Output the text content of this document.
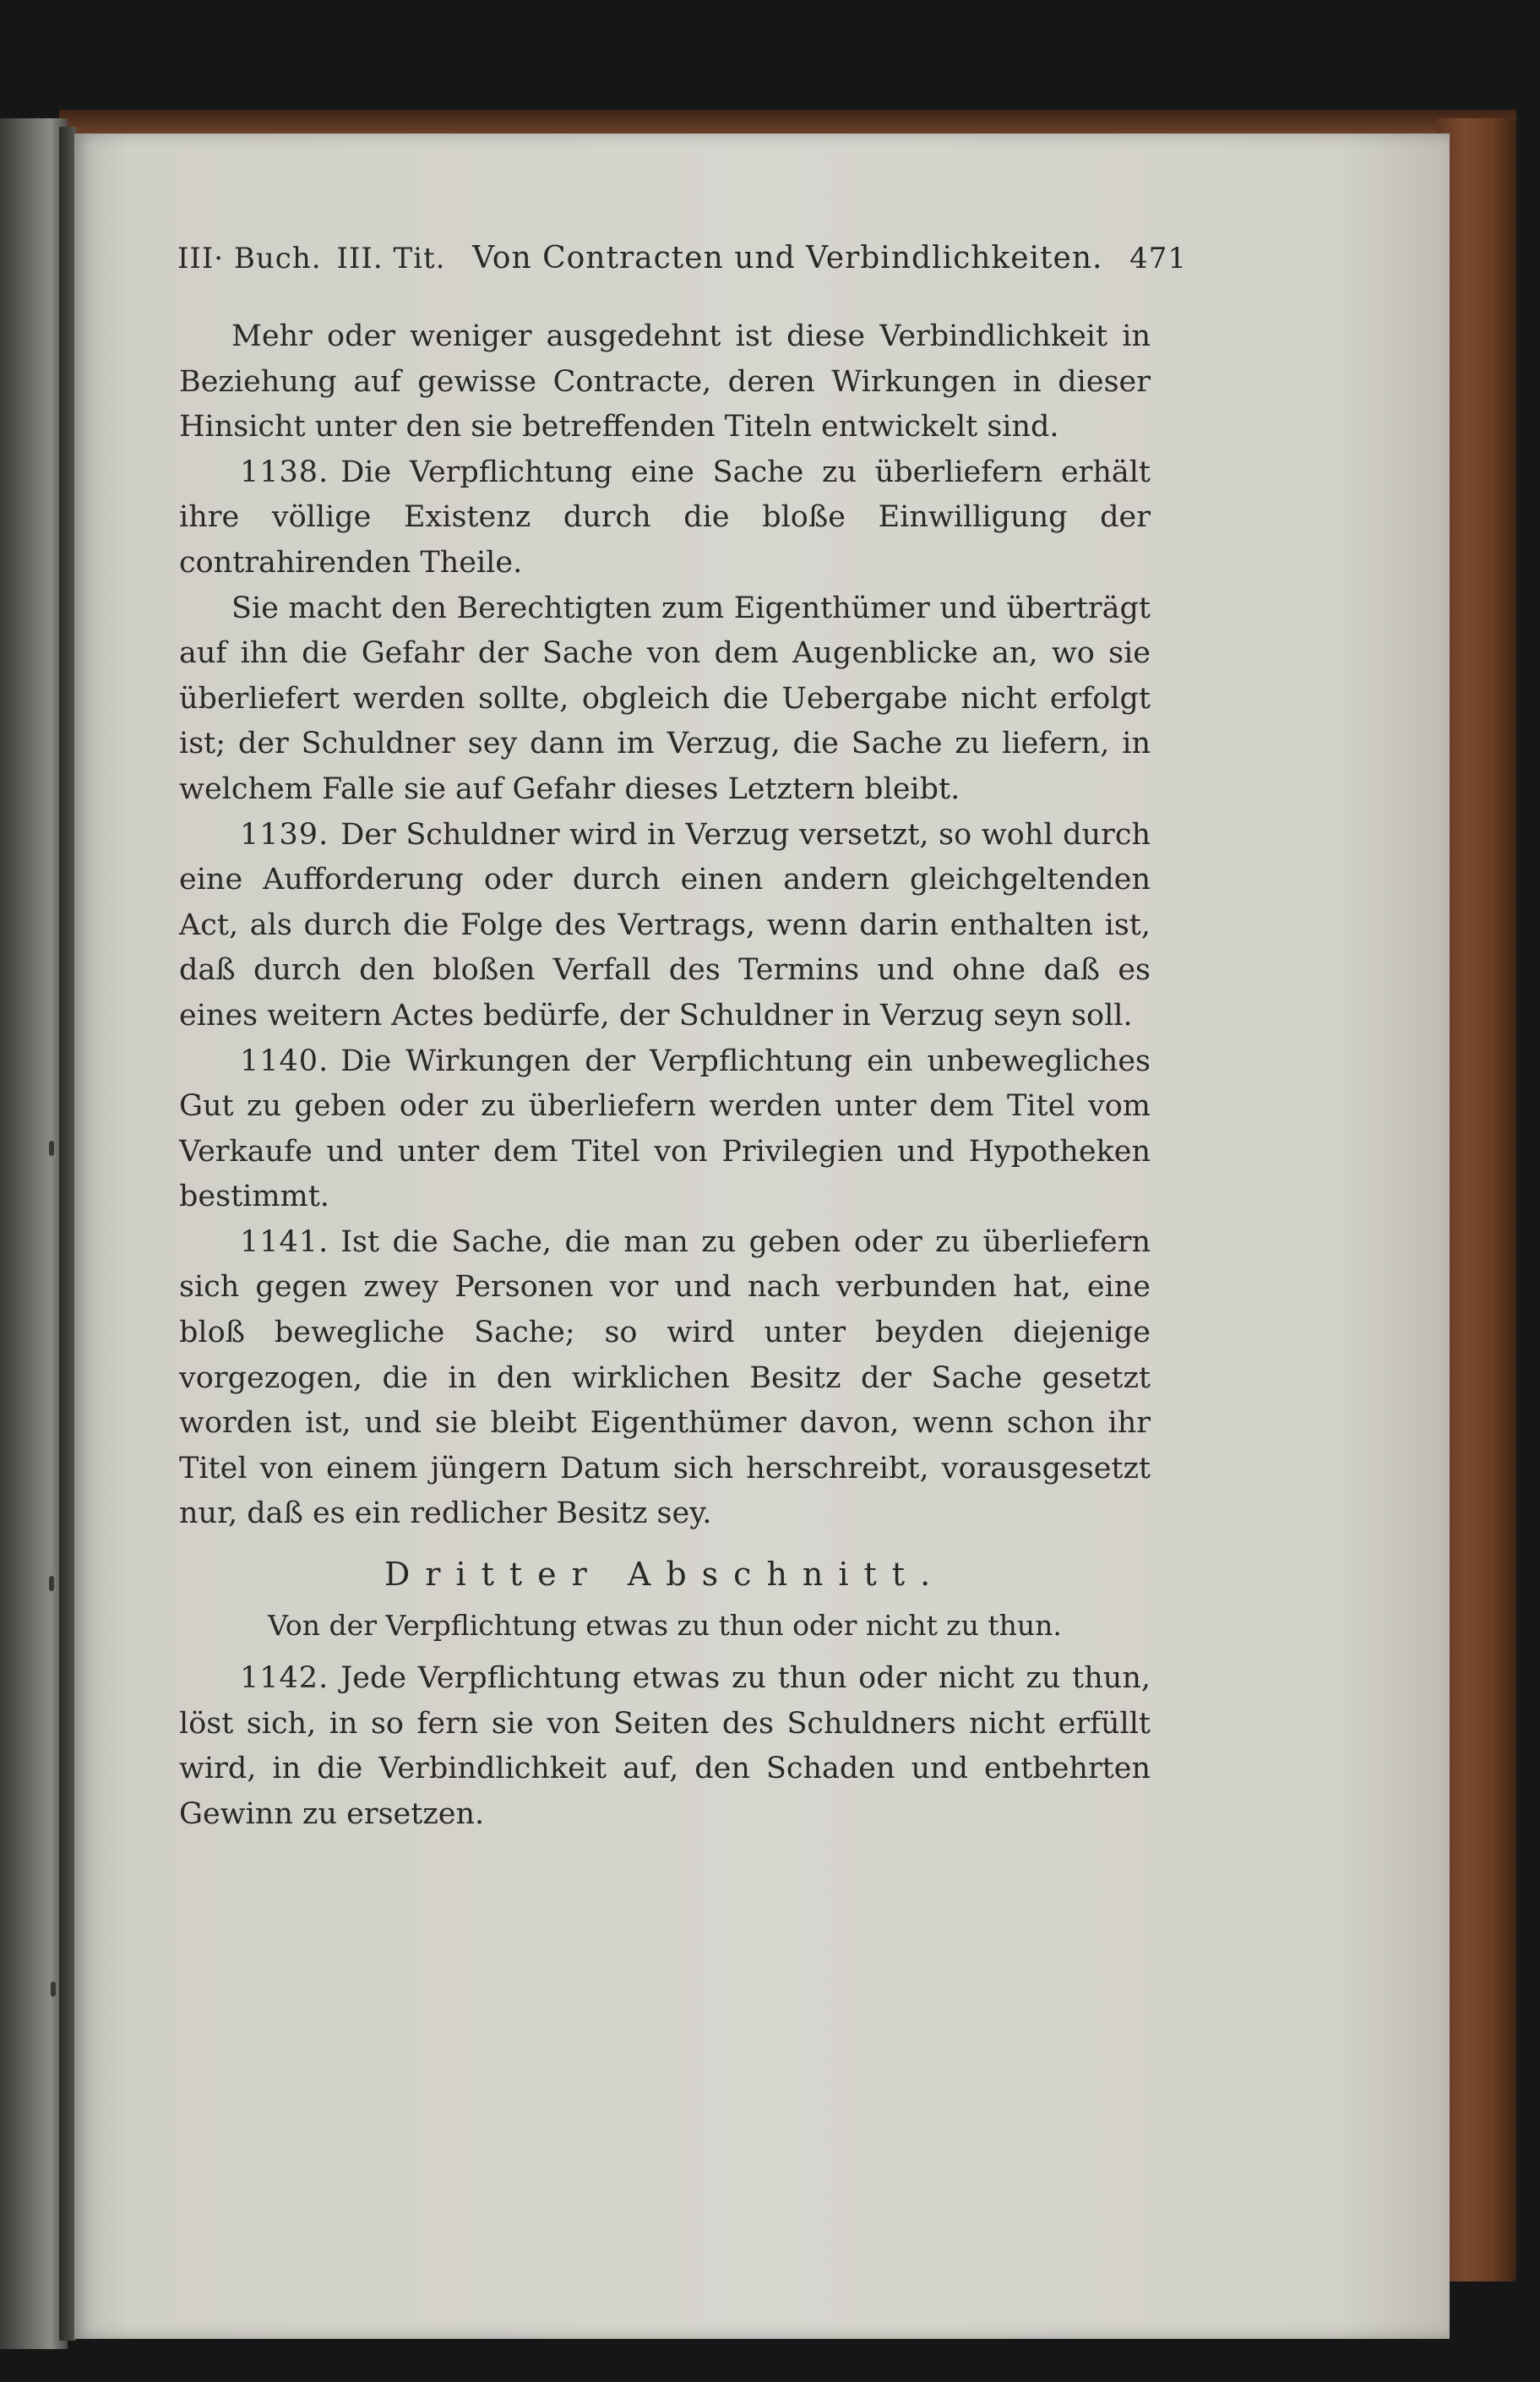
III· Buch. III. Tit. Von Contracten und Verbindlichkeiten. 471

Mehr oder weniger ausgedehnt ist diese Verbindlichkeit in Beziehung auf gewisse Contracte, deren Wirkungen in dieser Hinsicht unter den sie betreffenden Titeln entwickelt sind.

1138. Die Verpflichtung eine Sache zu überliefern erhält ihre völlige Existenz durch die bloße Einwilligung der contrahirenden Theile.

Sie macht den Berechtigten zum Eigenthümer und überträgt auf ihn die Gefahr der Sache von dem Augenblicke an, wo sie überliefert werden sollte, obgleich die Uebergabe nicht erfolgt ist; der Schuldner sey dann im Verzug, die Sache zu liefern, in welchem Falle sie auf Gefahr dieses Letztern bleibt.

1139. Der Schuldner wird in Verzug versetzt, so wohl durch eine Aufforderung oder durch einen andern gleichgeltenden Act, als durch die Folge des Vertrags, wenn darin enthalten ist, daß durch den bloßen Verfall des Termins und ohne daß es eines weitern Actes bedürfe, der Schuldner in Verzug seyn soll.

1140. Die Wirkungen der Verpflichtung ein unbewegliches Gut zu geben oder zu überliefern werden unter dem Titel vom Verkaufe und unter dem Titel von Privilegien und Hypotheken bestimmt.

1141. Ist die Sache, die man zu geben oder zu überliefern sich gegen zwey Personen vor und nach verbunden hat, eine bloß bewegliche Sache; so wird unter beyden diejenige vorgezogen, die in den wirklichen Besitz der Sache gesetzt worden ist, und sie bleibt Eigenthümer davon, wenn schon ihr Titel von einem jüngern Datum sich herschreibt, vorausgesetzt nur, daß es ein redlicher Besitz sey.

Dritter Abschnitt.
Von der Verpflichtung etwas zu thun oder nicht zu thun.

1142. Jede Verpflichtung etwas zu thun oder nicht zu thun, löst sich, in so fern sie von Seiten des Schuldners nicht erfüllt wird, in die Verbindlichkeit auf, den Schaden und entbehrten Gewinn zu ersetzen.
